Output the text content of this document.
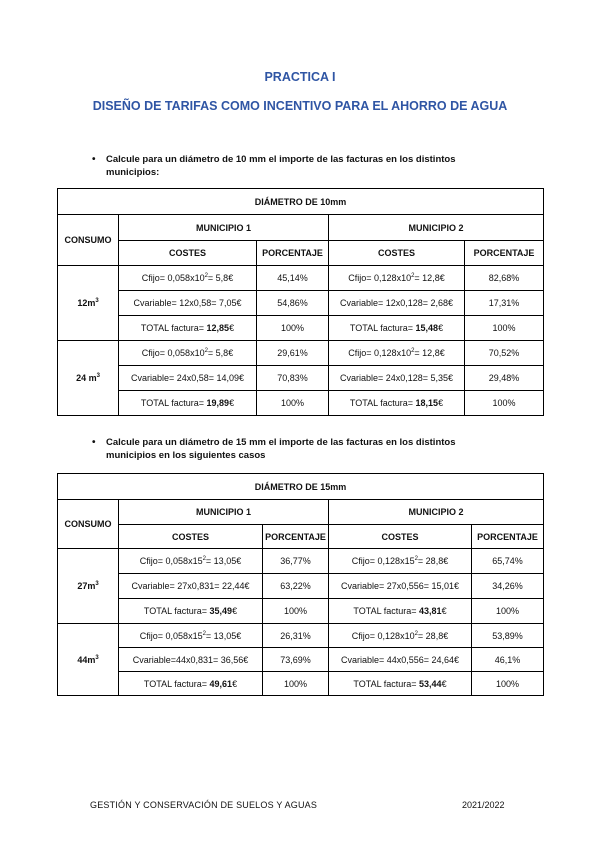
PRACTICA I
DISEÑO DE TARIFAS COMO INCENTIVO PARA EL AHORRO DE AGUA
• Calcule para un diámetro de 10 mm el importe de las facturas en los distintos
municipios:
DIÁMETRO DE 10mm				
CONSUMO	MUNICIPIO 1		MUNICIPIO 2	
	COSTES	PORCENTAJE	COSTES	PORCENTAJE
$12m^3$	Cfijo= $0,058x10^2=$ 5,8€	45,14%	Cfijo= $0,128x10^2=$ 12,8€	82,68%
	Cvariable= 12x0,58= 7,05€	54,86%	Cvariable= 12x0,128= 2,68€	17,31%
	TOTAL factura= 12,85€	100%	TOTAL factura= 15,48€	100%
24 $m^3$	Cfijo= $0,058x10^2=$ 5,8€	29,61%	Cfijo= $0,128x10^2=$ 12,8€	70,52%
	Cvariable= 24x0,58= 14,09€	70,83%	Cvariable= 24x0,128= 5,35€	29,48%
	TOTAL factura= 19,89€	100%	TOTAL factura= 18,15€	100%
• Calcule para un diámetro de 15 mm el importe de las facturas en los distintos
municipios en los siguientes casos
DIÁMETRO DE 15mm				
CONSUMO	MUNICIPIO 1		MUNICIPIO 2	
	COSTES	PORCENTAJE	COSTES	PORCENTAJE
$27m^3$	Cfijo= $0,058x15^2=$ 13,05€	36,77%	Cfijo= $0,128x15^2=$ 28,8€	65,74%
	Cvariable= 27x0,831= 22,44€	63,22%	Cvariable= 27x0,556= 15,01€	34,26%
	TOTAL factura= 35,49€	100%	TOTAL factura= 43,81€	100%
$44m^3$	Cfijo= $0,058x15^2=$ 13,05€	26,31%	Cfijo= $0,128x10^2=$ 28,8€	53,89%
	Cvariable=44x0,831= 36,56€	73,69%	Cvariable= 44x0,556= 24,64€	46,1%
	TOTAL factura= 49,61€	100%	TOTAL factura= 53,44€	100%
GESTIÓN Y CONSERVACIÓN DE SUELOS Y AGUAS	2021/2022
